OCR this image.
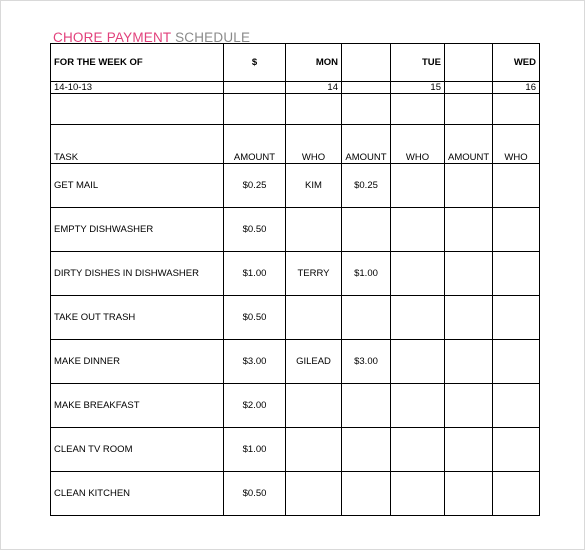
CHORE PAYMENT SCHEDULE
FOR THE WEEK OF	$	MON		TUE		WED
14-10-13		14		15		16

TASK	AMOUNT	WHO	AMOUNT	WHO	AMOUNT	WHO
GET MAIL	$0.25	KIM	$0.25			
EMPTY DISHWASHER	$0.50					
DIRTY DISHES IN DISHWASHER	$1.00	TERRY	$1.00			
TAKE OUT TRASH	$0.50					
MAKE DINNER	$3.00	GILEAD	$3.00			
MAKE BREAKFAST	$2.00					
CLEAN TV ROOM	$1.00					
CLEAN KITCHEN	$0.50					
